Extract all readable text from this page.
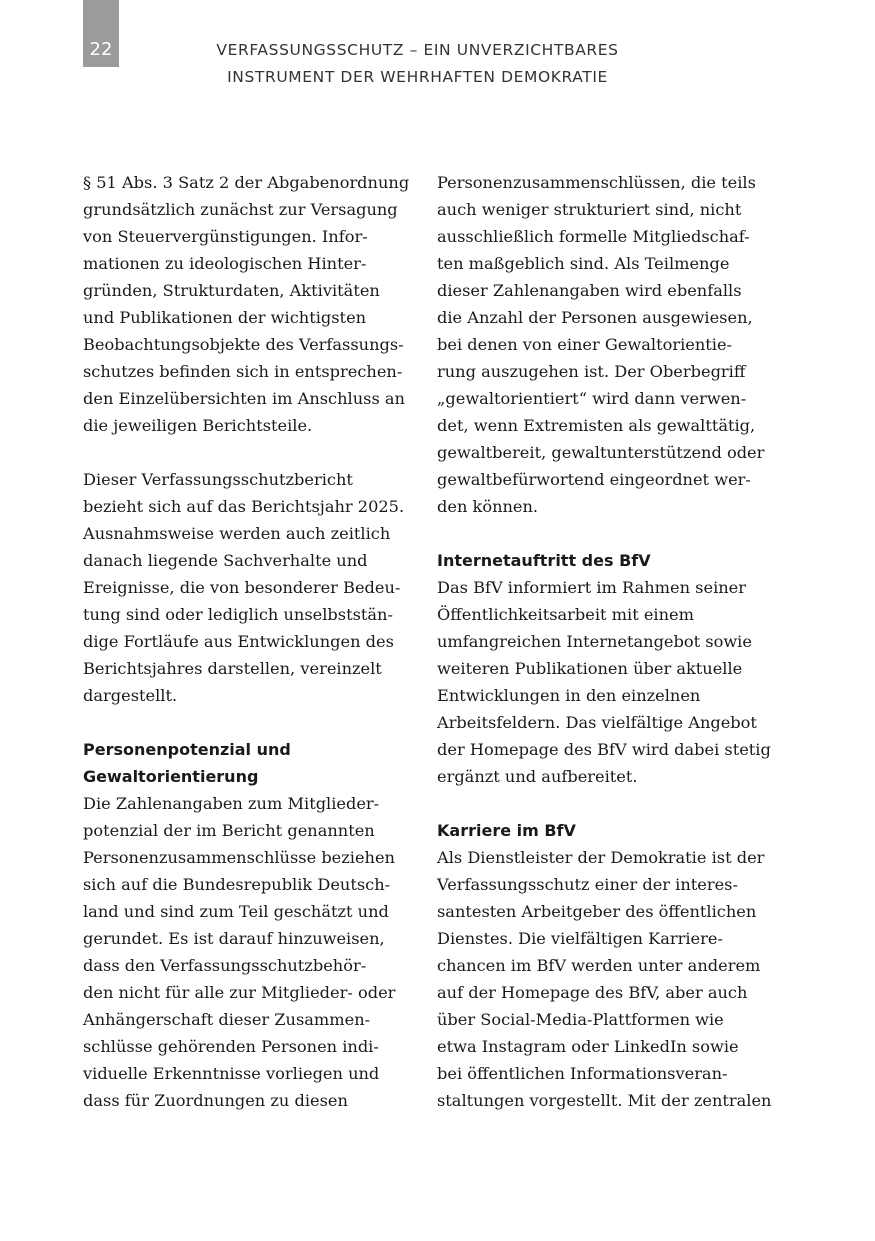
22	VERFASSUNGSSCHUTZ – EIN UNVERZICHTBARES
INSTRUMENT DER WEHRHAFTEN DEMOKRATIE
§ 51 Abs. 3 Satz 2 der Abgabenordnung
grundsätzlich zunächst zur Versagung
von Steuervergünstigungen. Infor-
mationen zu ideologischen Hinter-
gründen, Strukturdaten, Aktivitäten
und Publikationen der wichtigsten
Beobachtungsobjekte des Verfassungs-
schutzes befinden sich in entsprechen-
den Einzelübersichten im Anschluss an
die jeweiligen Berichtsteile.
Dieser Verfassungsschutzbericht
bezieht sich auf das Berichtsjahr 2025.
Ausnahmsweise werden auch zeitlich
danach liegende Sachverhalte und
Ereignisse, die von besonderer Bedeu-
tung sind oder lediglich unselbststän-
dige Fortläufe aus Entwicklungen des
Berichtsjahres darstellen, vereinzelt
dargestellt.
Personenpotenzial und
Gewaltorientierung
Die Zahlenangaben zum Mitglieder-
potenzial der im Bericht genannten
Personenzusammenschlüsse beziehen
sich auf die Bundesrepublik Deutsch-
land und sind zum Teil geschätzt und
gerundet. Es ist darauf hinzuweisen,
dass den Verfassungsschutzbehör-
den nicht für alle zur Mitglieder- oder
Anhängerschaft dieser Zusammen-
schlüsse gehörenden Personen indi-
viduelle Erkenntnisse vorliegen und
dass für Zuordnungen zu diesen
Personenzusammenschlüssen, die teils
auch weniger strukturiert sind, nicht
ausschließlich formelle Mitgliedschaf-
ten maßgeblich sind. Als Teilmenge
dieser Zahlenangaben wird ebenfalls
die Anzahl der Personen ausgewiesen,
bei denen von einer Gewaltorientie-
rung auszugehen ist. Der Oberbegriff
„gewaltorientiert“ wird dann verwen-
det, wenn Extremisten als gewalttätig,
gewaltbereit, gewaltunterstützend oder
gewaltbefürwortend eingeordnet wer-
den können.
Internetauftritt des BfV
Das BfV informiert im Rahmen seiner
Öffentlichkeitsarbeit mit einem
umfangreichen Internetangebot sowie
weiteren Publikationen über aktuelle
Entwicklungen in den einzelnen
Arbeitsfeldern. Das vielfältige Angebot
der Homepage des BfV wird dabei stetig
ergänzt und aufbereitet.
Karriere im BfV
Als Dienstleister der Demokratie ist der
Verfassungsschutz einer der interes-
santesten Arbeitgeber des öffentlichen
Dienstes. Die vielfältigen Karriere-
chancen im BfV werden unter anderem
auf der Homepage des BfV, aber auch
über Social-Media-Plattformen wie
etwa Instagram oder LinkedIn sowie
bei öffentlichen Informationsveran-
staltungen vorgestellt. Mit der zentralen
